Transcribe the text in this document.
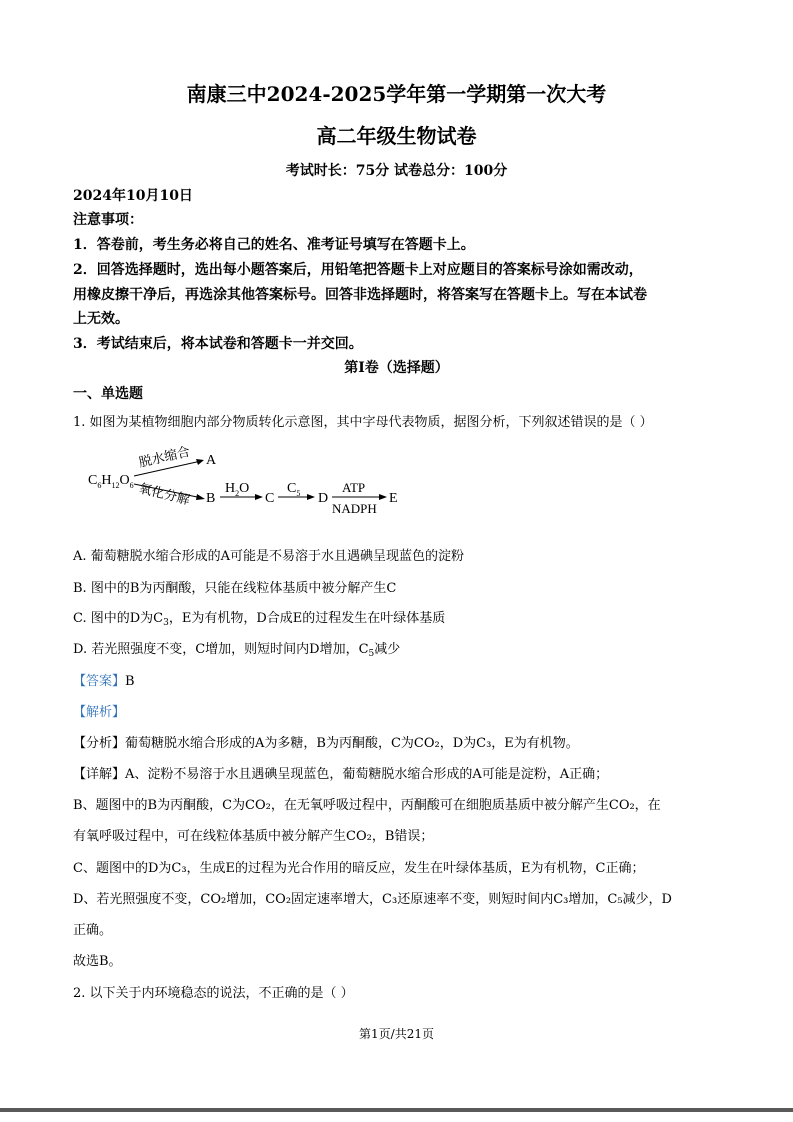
南康三中2024-2025学年第一学期第一次大考
高二年级生物试卷
考试时长：75分 试卷总分：100分
2024年10月10日
注意事项：
1．答卷前，考生务必将自己的姓名、准考证号填写在答题卡上。
2．回答选择题时，选出每小题答案后，用铅笔把答题卡上对应题目的答案标号涂如需改动，
用橡皮擦干净后，再选涂其他答案标号。回答非选择题时，将答案写在答题卡上。写在本试卷
上无效。
3．考试结束后，将本试卷和答题卡一并交回。
第I卷（选择题）
一、单选题
1. 如图为某植物细胞内部分物质转化示意图，其中字母代表物质，据图分析，下列叙述错误的是（ ）
$C_6H_{12}O_6$
脱水缩合 A
氧化分解 B
$H_2O$
C
$C_5$ D
ATP
NADPH
E
A. 葡萄糖脱水缩合形成的A可能是不易溶于水且遇碘呈现蓝色的淀粉
B. 图中的B为丙酮酸，只能在线粒体基质中被分解产生C
C. 图中的D为$C_3$，E为有机物，D合成E的过程发生在叶绿体基质
D. 若光照强度不变，C增加，则短时间内D增加，$C_5$减少
【答案】B
【解析】
【分析】葡萄糖脱水缩合形成的A为多糖，B为丙酮酸，C为CO₂，D为C₃，E为有机物。
【详解】A、淀粉不易溶于水且遇碘呈现蓝色，葡萄糖脱水缩合形成的A可能是淀粉，A正确；
B、题图中的B为丙酮酸，C为CO₂，在无氧呼吸过程中，丙酮酸可在细胞质基质中被分解产生CO₂，在
有氧呼吸过程中，可在线粒体基质中被分解产生CO₂，B错误；
C、题图中的D为C₃，生成E的过程为光合作用的暗反应，发生在叶绿体基质，E为有机物，C正确；
D、若光照强度不变，CO₂增加，CO₂固定速率增大，C₃还原速率不变，则短时间内C₃增加，C₅减少，D
正确。
故选B。
2. 以下关于内环境稳态的说法，不正确的是（ ）
第1页/共21页
